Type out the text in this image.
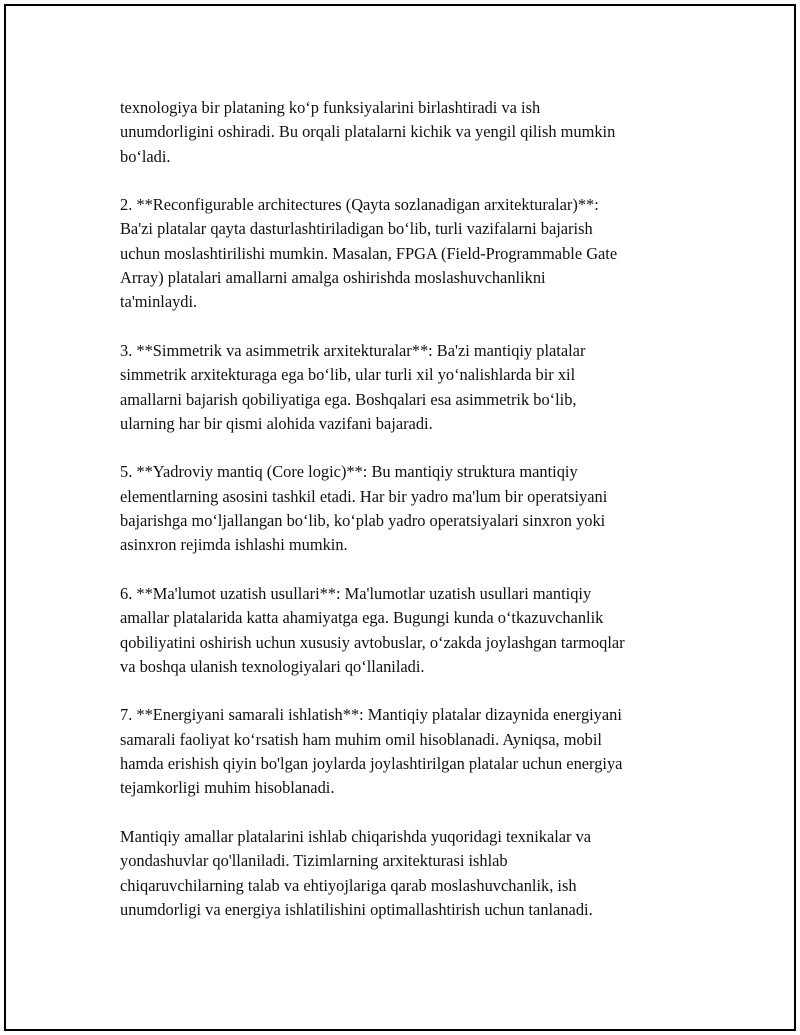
texnologiya bir plataning ko‘p funksiyalarini birlashtiradi va ish
unumdorligini oshiradi. Bu orqali platalarni kichik va yengil qilish mumkin
bo‘ladi.

2. **Reconfigurable architectures (Qayta sozlanadigan arxitekturalar)**:
Ba'zi platalar qayta dasturlashtiriladigan bo‘lib, turli vazifalarni bajarish
uchun moslashtirilishi mumkin. Masalan, FPGA (Field-Programmable Gate
Array) platalari amallarni amalga oshirishda moslashuvchanlikni
ta'minlaydi.

3. **Simmetrik va asimmetrik arxitekturalar**: Ba'zi mantiqiy platalar
simmetrik arxitekturaga ega bo‘lib, ular turli xil yo‘nalishlarda bir xil
amallarni bajarish qobiliyatiga ega. Boshqalari esa asimmetrik bo‘lib,
ularning har bir qismi alohida vazifani bajaradi.

5. **Yadroviy mantiq (Core logic)**: Bu mantiqiy struktura mantiqiy
elementlarning asosini tashkil etadi. Har bir yadro ma'lum bir operatsiyani
bajarishga mo‘ljallangan bo‘lib, ko‘plab yadro operatsiyalari sinxron yoki
asinxron rejimda ishlashi mumkin.

6. **Ma'lumot uzatish usullari**: Ma'lumotlar uzatish usullari mantiqiy
amallar platalarida katta ahamiyatga ega. Bugungi kunda o‘tkazuvchanlik
qobiliyatini oshirish uchun xususiy avtobuslar, o‘zakda joylashgan tarmoqlar
va boshqa ulanish texnologiyalari qo‘llaniladi.

7. **Energiyani samarali ishlatish**: Mantiqiy platalar dizaynida energiyani
samarali faoliyat ko‘rsatish ham muhim omil hisoblanadi. Ayniqsa, mobil
hamda erishish qiyin bo'lgan joylarda joylashtirilgan platalar uchun energiya
tejamkorligi muhim hisoblanadi.

Mantiqiy amallar platalarini ishlab chiqarishda yuqoridagi texnikalar va
yondashuvlar qo'llaniladi. Tizimlarning arxitekturasi ishlab
chiqaruvchilarning talab va ehtiyojlariga qarab moslashuvchanlik, ish
unumdorligi va energiya ishlatilishini optimallashtirish uchun tanlanadi.
